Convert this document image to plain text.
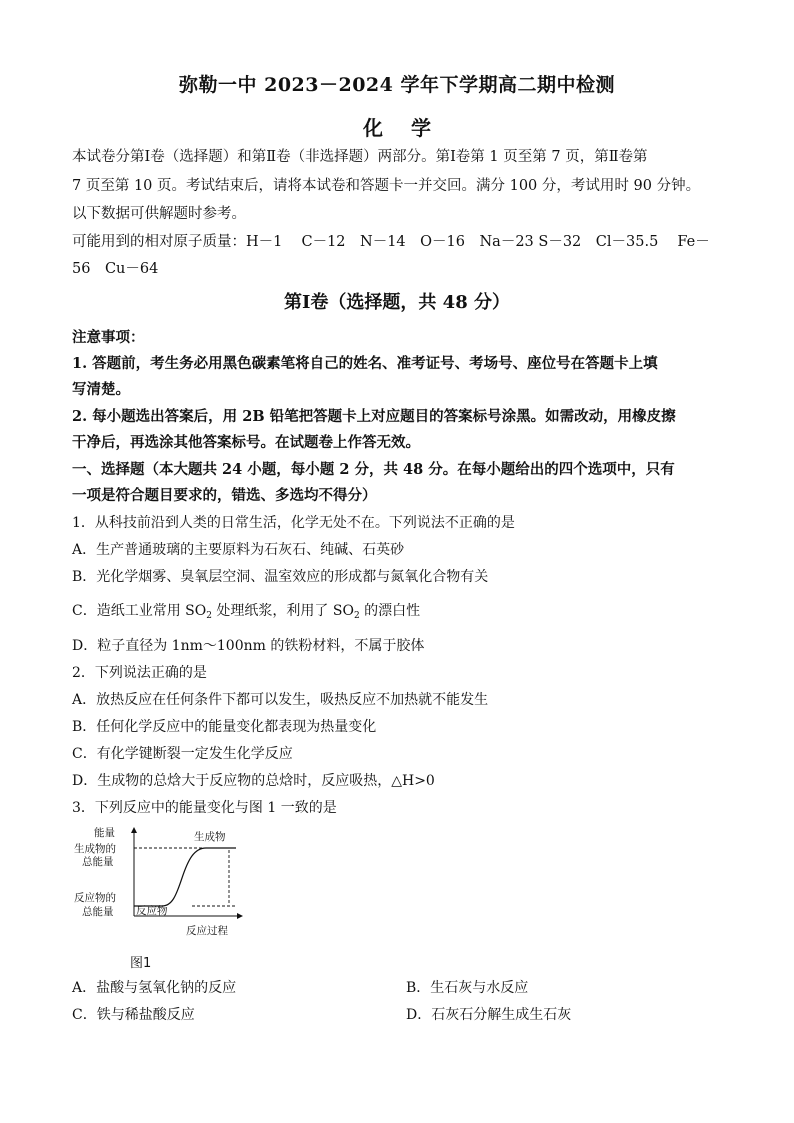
弥勒一中 2023－2024 学年下学期高二期中检测
化学
本试卷分第Ⅰ卷（选择题）和第Ⅱ卷（非选择题）两部分。第Ⅰ卷第 1 页至第 7 页，第Ⅱ卷第
7 页至第 10 页。考试结束后，请将本试卷和答题卡一并交回。满分 100 分，考试用时 90 分钟。
以下数据可供解题时参考。
可能用到的相对原子质量：H－1　 C－12　N－14　O－16　Na－23 S－32　Cl－35.5　 Fe－
56　Cu－64
第Ⅰ卷（选择题，共 48 分）
注意事项：
1. 答题前，考生务必用黑色碳素笔将自己的姓名、准考证号、考场号、座位号在答题卡上填
写清楚。
2. 每小题选出答案后，用 2B 铅笔把答题卡上对应题目的答案标号涂黑。如需改动，用橡皮擦
干净后，再选涂其他答案标号。在试题卷上作答无效。
一、选择题（本大题共 24 小题，每小题 2 分，共 48 分。在每小题给出的四个选项中，只有
一项是符合题目要求的，错选、多选均不得分）
1．从科技前沿到人类的日常生活，化学无处不在。下列说法不正确的是
A．生产普通玻璃的主要原料为石灰石、纯碱、石英砂
B．光化学烟雾、臭氧层空洞、温室效应的形成都与氮氧化合物有关
C．造纸工业常用 $SO_2$ 处理纸浆，利用了 $SO_2$ 的漂白性
D．粒子直径为 1nm～100nm 的铁粉材料，不属于胶体
2．下列说法正确的是
A．放热反应在任何条件下都可以发生，吸热反应不加热就不能发生
B．任何化学反应中的能量变化都表现为热量变化
C．有化学键断裂一定发生化学反应
D．生成物的总焓大于反应物的总焓时，反应吸热，△H>0
3．下列反应中的能量变化与图 1 一致的是
能量
生成物的
总能量
反应物的
总能量
生成物
反应物
反应过程
图1
A．盐酸与氢氧化钠的反应	B．生石灰与水反应
C．铁与稀盐酸反应	D．石灰石分解生成生石灰
